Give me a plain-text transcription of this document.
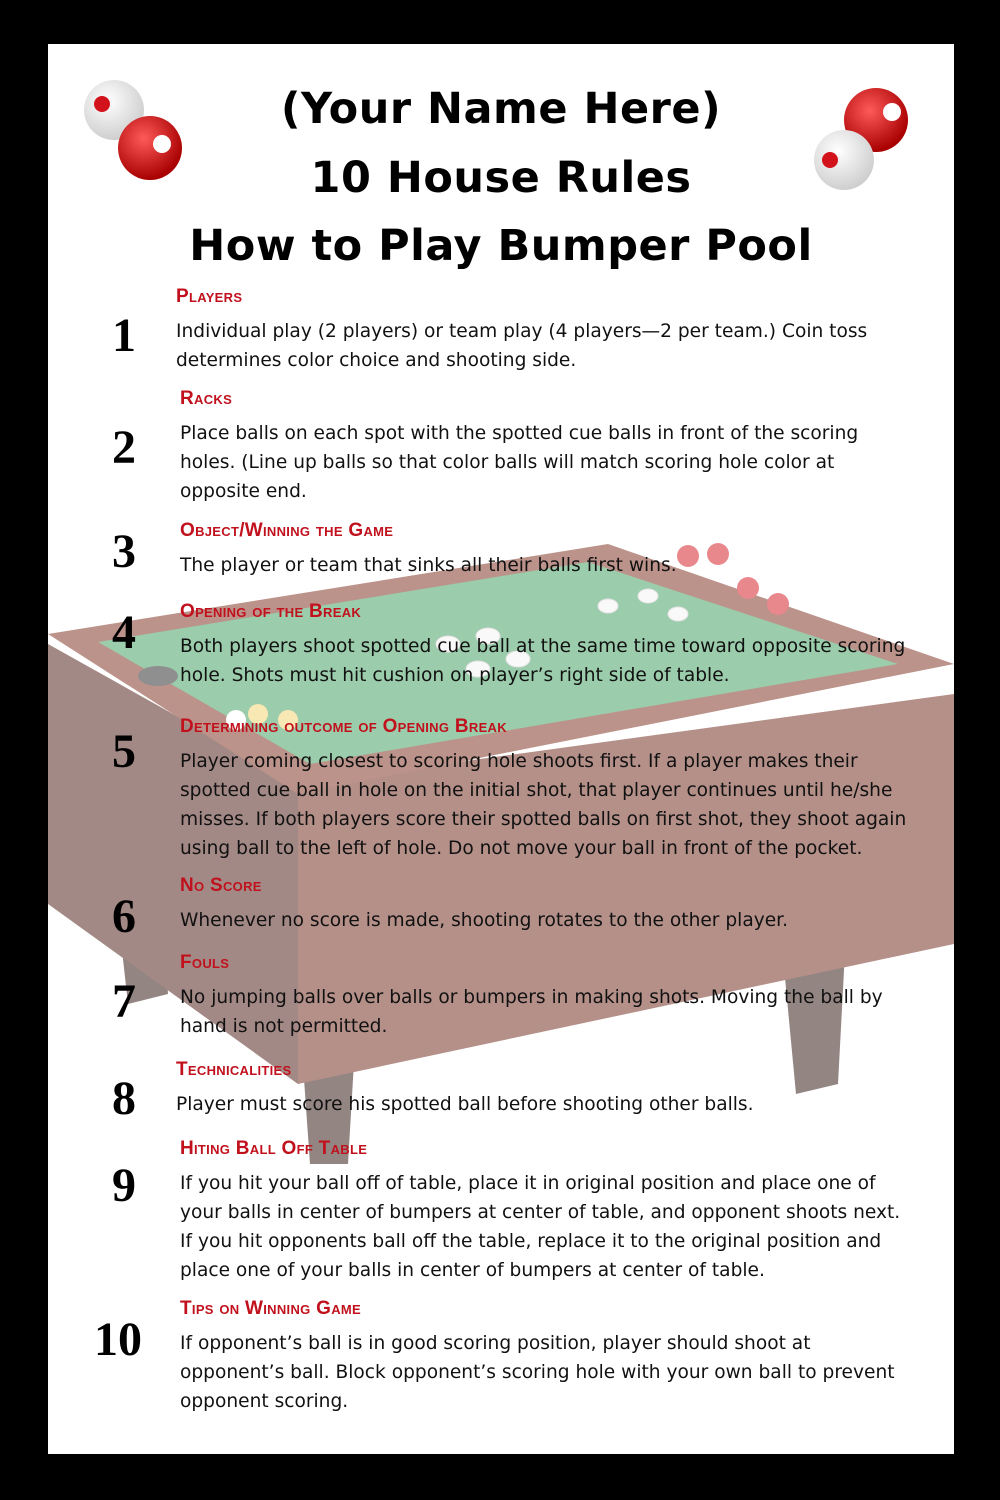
(Your Name Here)
10 House Rules
How to Play Bumper Pool

Players

1	Individual play (2 players) or team play (4 players—2 per team.) Coin toss determines color choice and shooting side.

Racks

2	Place balls on each spot with the spotted cue balls in front of the scoring holes. (Line up balls so that color balls will match scoring hole color at opposite end.

Object/Winning the Game

3	The player or team that sinks all their balls first wins.

Opening of the Break

4	Both players shoot spotted cue ball at the same time toward opposite scoring hole. Shots must hit cushion on player’s right side of table.

Determining outcome of Opening Break

5	Player coming closest to scoring hole shoots first. If a player makes their spotted cue ball in hole on the initial shot, that player continues until he/she misses. If both players score their spotted balls on first shot, they shoot again using ball to the left of hole. Do not move your ball in front of the pocket.

No Score

6	Whenever no score is made, shooting rotates to the other player.

Fouls

7	No jumping balls over balls or bumpers in making shots. Moving the ball by hand is not permitted.

Technicalities

8	Player must score his spotted ball before shooting other balls.

Hiting Ball Off Table

9	If you hit your ball off of table, place it in original position and place one of your balls in center of bumpers at center of table, and opponent shoots next. If you hit opponents ball off the table, replace it to the original position and place one of your balls in center of bumpers at center of table.

Tips on Winning Game

10	If opponent’s ball is in good scoring position, player should shoot at opponent’s ball. Block opponent’s scoring hole with your own ball to prevent opponent scoring.
